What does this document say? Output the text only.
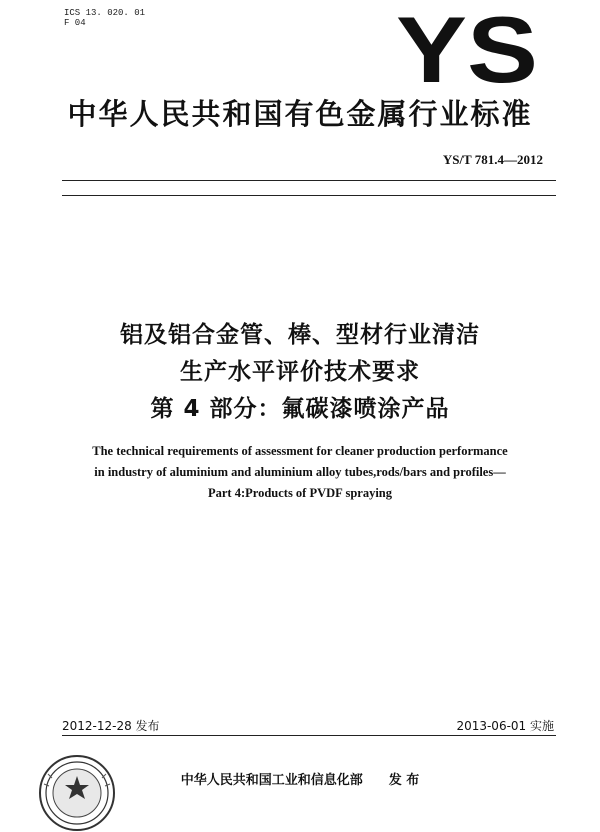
ICS 13. 020. 01
F 04	YS
中华人民共和国有色金属行业标准
YS/T 781.4—2012
铝及铝合金管、棒、型材行业清洁
生产水平评价技术要求
第 4 部分：氟碳漆喷涂产品
The technical requirements of assessment for cleaner production performance
in industry of aluminium and aluminium alloy tubes,rods/bars and profiles—
Part 4:Products of PVDF spraying
2012-12-28 发布	2013-06-01 实施
中华人民共和国工业和信息化部　　发 布
